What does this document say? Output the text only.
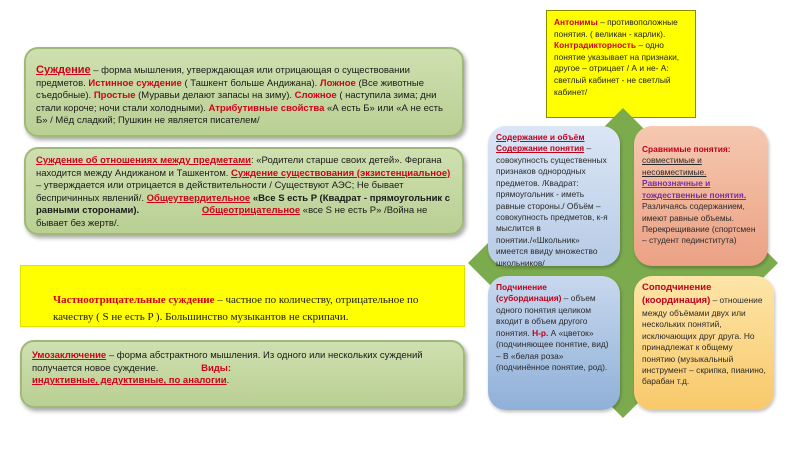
Суждение – форма мышления, утверждающая или отрицающая о существовании предметов. Истинное суждение ( Ташкент больше Андижана). Ложное (Все животные съедобные). Простые (Муравьи делают запасы на зиму). Сложное ( наступила зима; дни стали короче; ночи стали холодными). Атрибутивные свойства «А есть Б» или «А не есть Б» / Мёд сладкий; Пушкин не является писателем/
Суждение об отношениях между предметами: «Родители старше своих детей». Фергана находится между Андижаном и Ташкентом. Суждение существования (экзистенциальное) – утверждается или отрицается в действительности / Существуют АЭС; Не бывает беспричинных явлений/. Общеутвердительное «Все S есть P (Квадрат - прямоугольник с равными сторонами).	Общеотрицательное «все S не есть P» /Война не бывает без жертв/.
Частноотрицательные суждение – частное по количеству, отрицательное по качеству ( S не есть P ). Большинство музыкантов не скрипачи.
Умозаключение – форма абстрактного мышления. Из одного или нескольких суждений получается новое суждение.	Виды:
индуктивные, дедуктивные, по аналогии.
Антонимы – противоположные понятия. ( великан - карлик). Контрадикторность – одно понятие указывает на признаки, другое – отрицает / А и не- А: светлый кабинет - не светлый кабинет/
Содержание и объём
Содержание понятия – совокупность существенных признаков однородных предметов. /Квадрат: прямоугольник - иметь равные стороны./ Объём – совокупность предметов, к-я мыслится в понятии./«Школьник» имеется ввиду множество школьников/
Сравнимые понятия:
совместимые и несовместимые. Равнозначные и тождественные понятия. Различаясь содержанием, имеют равные объемы. Перекрещивание (спортсмен – студент пединститута)
Подчинение (субординация) – объем одного понятия целиком входит в объем другого понятия. Н-р. А «цветок» (подчиняющее понятие, вид) – В «белая роза» (подчинённое понятие, род).
Соподчинение (координация) – отношение между объёмами двух или нескольких понятий, исключающих друг друга. Но принадлежат к общему понятию (музыкальный инструмент – скрипка, пианино, барабан т.д.
